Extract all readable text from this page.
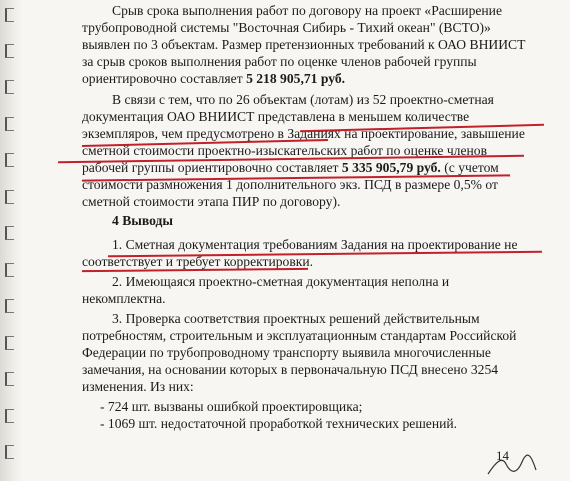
Срыв срока выполнения работ по договору на проект «Расширение
трубопроводной системы "Восточная Сибирь - Тихий океан" (ВСТО)»
выявлен по 3 объектам. Размер претензионных требований к ОАО ВНИИСТ
за срыв сроков выполнения работ по оценке членов рабочей группы
ориентировочно составляет 5 218 905,71 руб.
В связи с тем, что по 26 объектам (лотам) из 52 проектно-сметная
документация ОАО ВНИИСТ представлена в меньшем количестве
экземпляров, чем предусмотрено в Заданиях на проектирование, завышение
сметной стоимости проектно-изыскательских работ по оценке членов
рабочей группы ориентировочно составляет 5 335 905,79 руб. (с учетом
стоимости размножения 1 дополнительного экз. ПСД в размере 0,5% от
сметной стоимости этапа ПИР по договору).
4 Выводы
1. Сметная документация требованиям Задания на проектирование не
соответствует и требует корректировки.
2. Имеющаяся проектно-сметная документация неполна и
некомплектна.
3. Проверка соответствия проектных решений действительным
потребностям, строительным и эксплуатационным стандартам Российской
Федерации по трубопроводному транспорту выявила многочисленные
замечания, на основании которых в первоначальную ПСД внесено 3254
изменения. Из них:
- 724 шт. вызваны ошибкой проектировщика;
- 1069 шт. недостаточной проработкой технических решений.
14
